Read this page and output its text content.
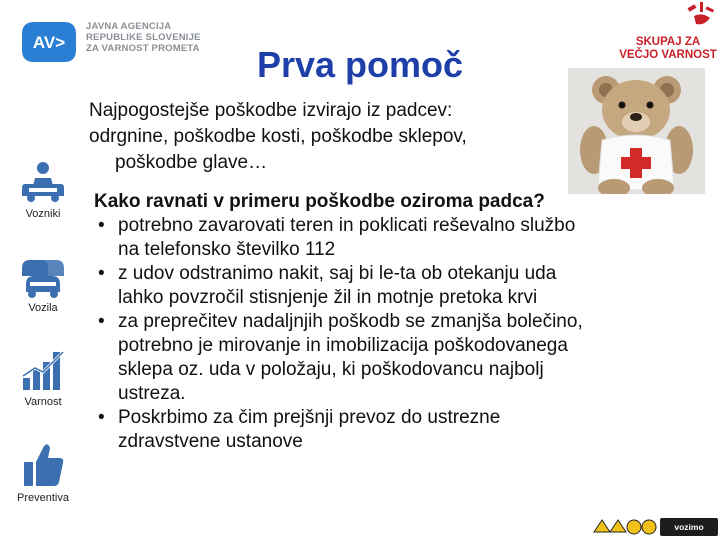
AV>
JAVNA AGENCIJA
REPUBLIKE SLOVENIJE
ZA VARNOST PROMETA	Prva pomoč
SKUPAJ ZA
VEČJO VARNOST
Najpogostejše poškodbe izvirajo iz padcev:
odrgnine, poškodbe kosti, poškodbe sklepov,
poškodbe glave…
Vozniki
Vozila
Varnost
Preventiva
Kako ravnati v primeru poškodbe oziroma padca?
• potrebno zavarovati teren in poklicati reševalno službo
na telefonsko številko 112
• z udov odstranimo nakit, saj bi le-ta ob otekanju uda
lahko povzročil stisnjenje žil in motnje pretoka krvi
• za preprečitev nadaljnjih poškodb se zmanjša bolečino,
potrebno je mirovanje in imobilizacija poškodovanega
sklepa oz. uda v položaju, ki poškodovancu najbolj
ustreza.
• Poskrbimo za čim prejšnji prevoz do ustrezne
zdravstvene ustanove
vozimo pametno!
